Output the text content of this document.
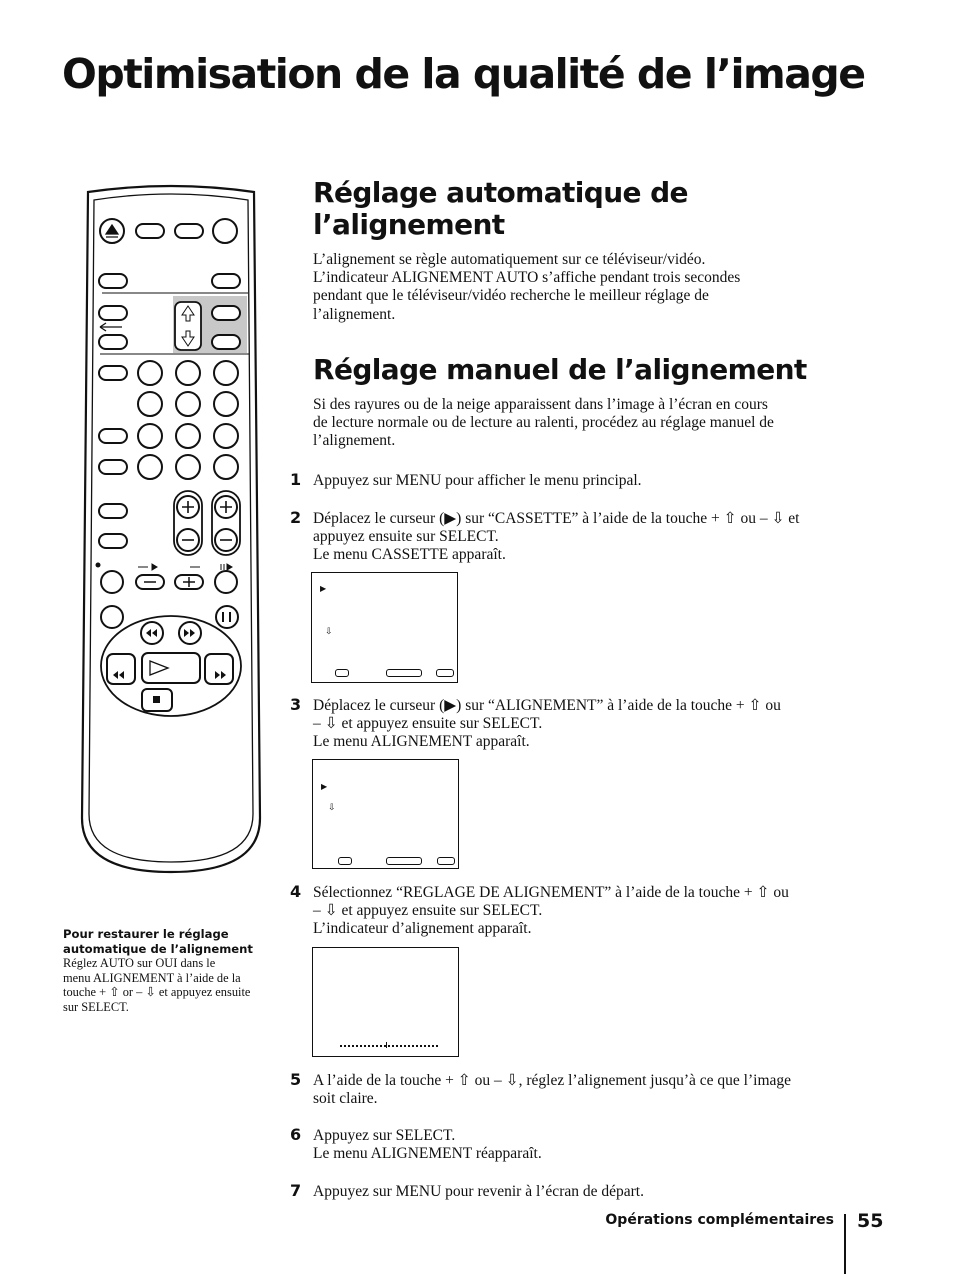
Optimisation de la qualité de l’image
Réglage automatique de
l’alignement
L’alignement se règle automatiquement sur ce téléviseur/vidéo.
L’indicateur ALIGNEMENT AUTO s’affiche pendant trois secondes
pendant que le téléviseur/vidéo recherche le meilleur réglage de
l’alignement.
Réglage manuel de l’alignement
Si des rayures ou de la neige apparaissent dans l’image à l’écran en cours
de lecture normale ou de lecture au ralenti, procédez au réglage manuel de
l’alignement.
1 Appuyez sur MENU pour afficher le menu principal.
2 Déplacez le curseur (▶) sur “CASSETTE” à l’aide de la touche + ⇧ ou – ⇩ et
appuyez ensuite sur SELECT.
Le menu CASSETTE apparaît.
▶
⇩
3 Déplacez le curseur (▶) sur “ALIGNEMENT” à l’aide de la touche + ⇧ ou
– ⇩ et appuyez ensuite sur SELECT.
Le menu ALIGNEMENT apparaît.
▶
⇩
4 Sélectionnez “REGLAGE DE ALIGNEMENT” à l’aide de la touche + ⇧ ou
– ⇩ et appuyez ensuite sur SELECT.
L’indicateur d’alignement apparaît.
5 A l’aide de la touche + ⇧ ou – ⇩, réglez l’alignement jusqu’à ce que l’image
soit claire.
6 Appuyez sur SELECT.
Le menu ALIGNEMENT réapparaît.
7 Appuyez sur MENU pour revenir à l’écran de départ.
Pour restaurer le réglage
automatique de l’alignement
Réglez AUTO sur OUI dans le
menu ALIGNEMENT à l’aide de la
touche + ⇧ or – ⇩ et appuyez ensuite
sur SELECT.
Opérations complémentaires 55
